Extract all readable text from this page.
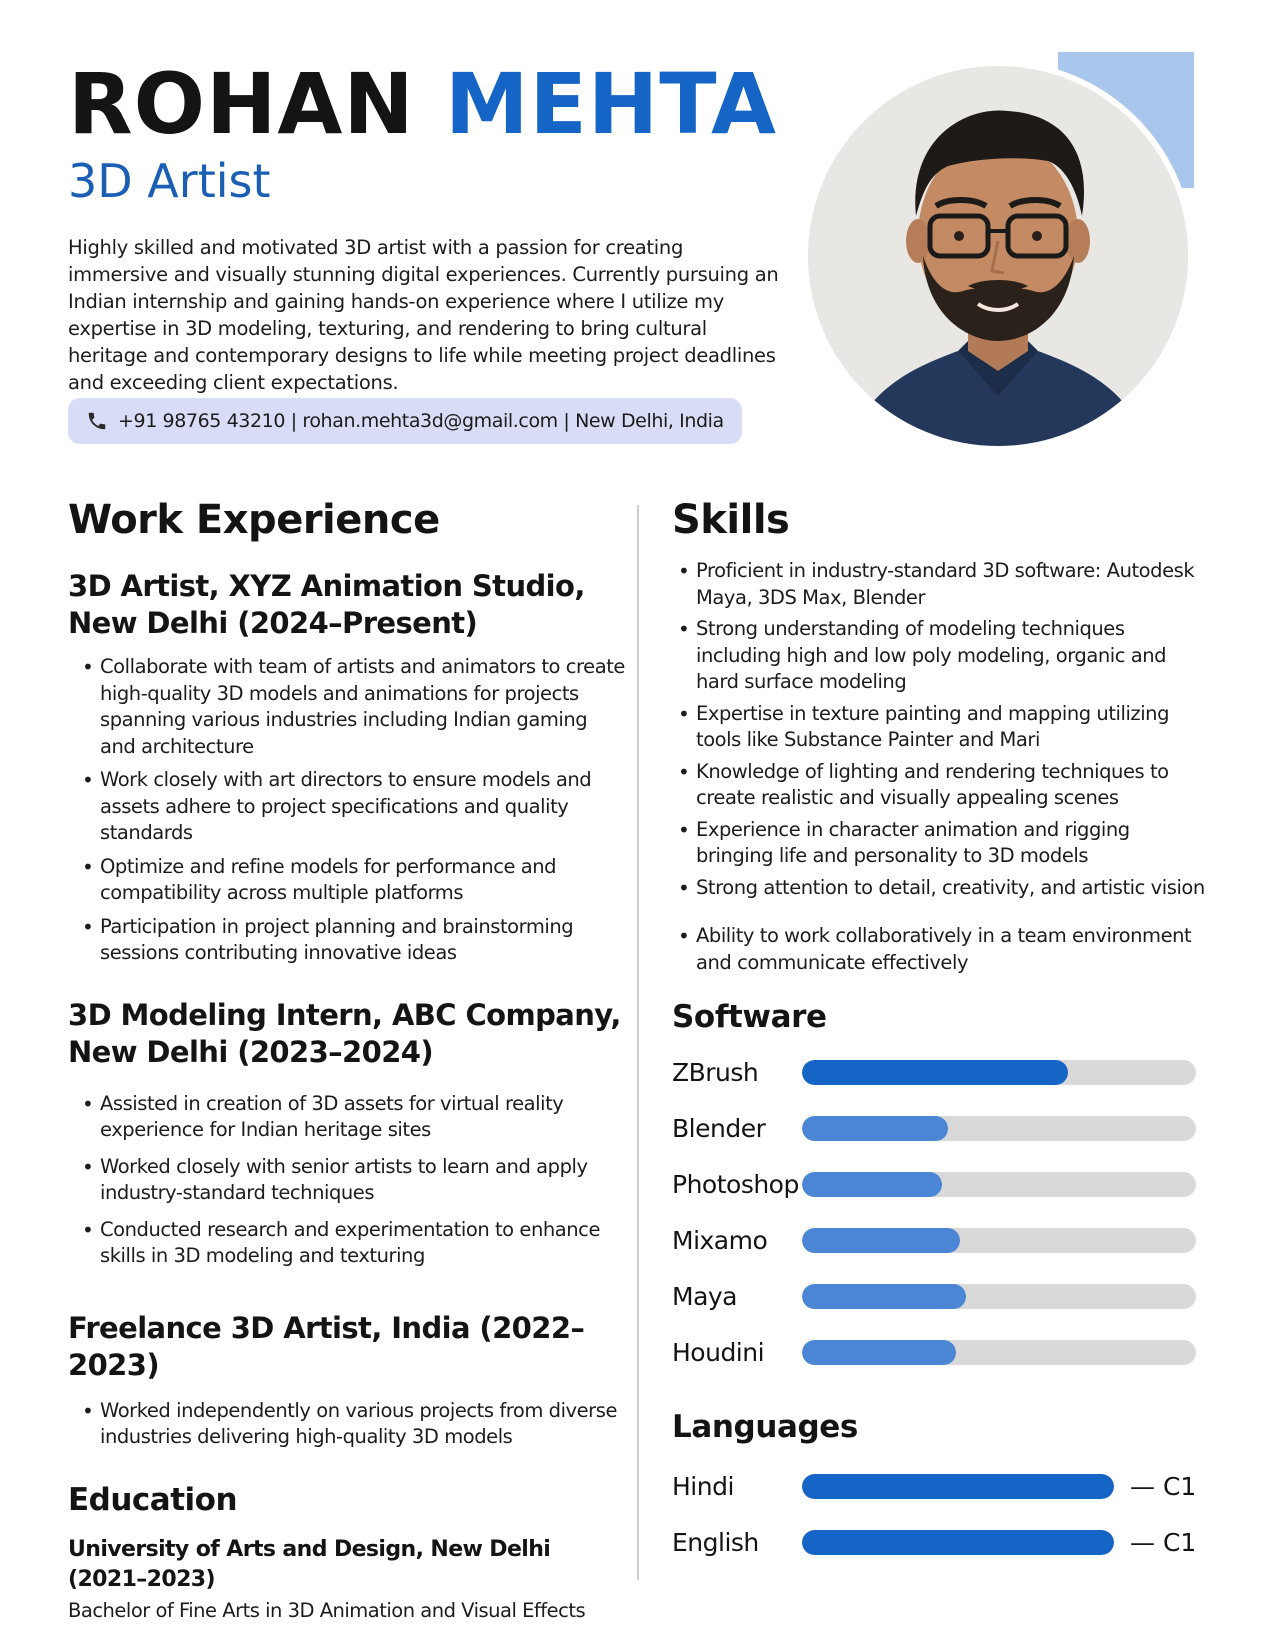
ROHAN MEHTA
3D Artist

Highly skilled and motivated 3D artist with a passion for creating immersive and visually stunning digital experiences. Currently pursuing an Indian internship and gaining hands-on experience where I utilize my expertise in 3D modeling, texturing, and rendering to bring cultural heritage and contemporary designs to life while meeting project deadlines and exceeding client expectations.

+91 98765 43210 | rohan.mehta3d@gmail.com | New Delhi, India
Work Experience
3D Artist, XYZ Animation Studio,
New Delhi (2024–Present)
• Collaborate with team of artists and animators to create high-quality 3D models and animations for projects spanning various industries including Indian gaming and architecture
• Work closely with art directors to ensure models and assets adhere to project specifications and quality standards
• Optimize and refine models for performance and compatibility across multiple platforms
• Participation in project planning and brainstorming sessions contributing innovative ideas
3D Modeling Intern, ABC Company,
New Delhi (2023–2024)
• Assisted in creation of 3D assets for virtual reality experience for Indian heritage sites
• Worked closely with senior artists to learn and apply industry-standard techniques
• Conducted research and experimentation to enhance skills in 3D modeling and texturing
Freelance 3D Artist, India (2022–2023)
• Worked independently on various projects from diverse industries delivering high-quality 3D models
Education
University of Arts and Design, New Delhi (2021–2023)
Bachelor of Fine Arts in 3D Animation and Visual Effects
Skills
• Proficient in industry-standard 3D software: Autodesk Maya, 3DS Max, Blender
• Strong understanding of modeling techniques including high and low poly modeling, organic and hard surface modeling
• Expertise in texture painting and mapping utilizing tools like Substance Painter and Mari
• Knowledge of lighting and rendering techniques to create realistic and visually appealing scenes
• Experience in character animation and rigging bringing life and personality to 3D models
• Strong attention to detail, creativity, and artistic vision
• Ability to work collaboratively in a team environment and communicate effectively
Software
ZBrush
Blender
Photoshop
Mixamo
Maya
Houdini
Languages
Hindi	— C1
English	— C1
